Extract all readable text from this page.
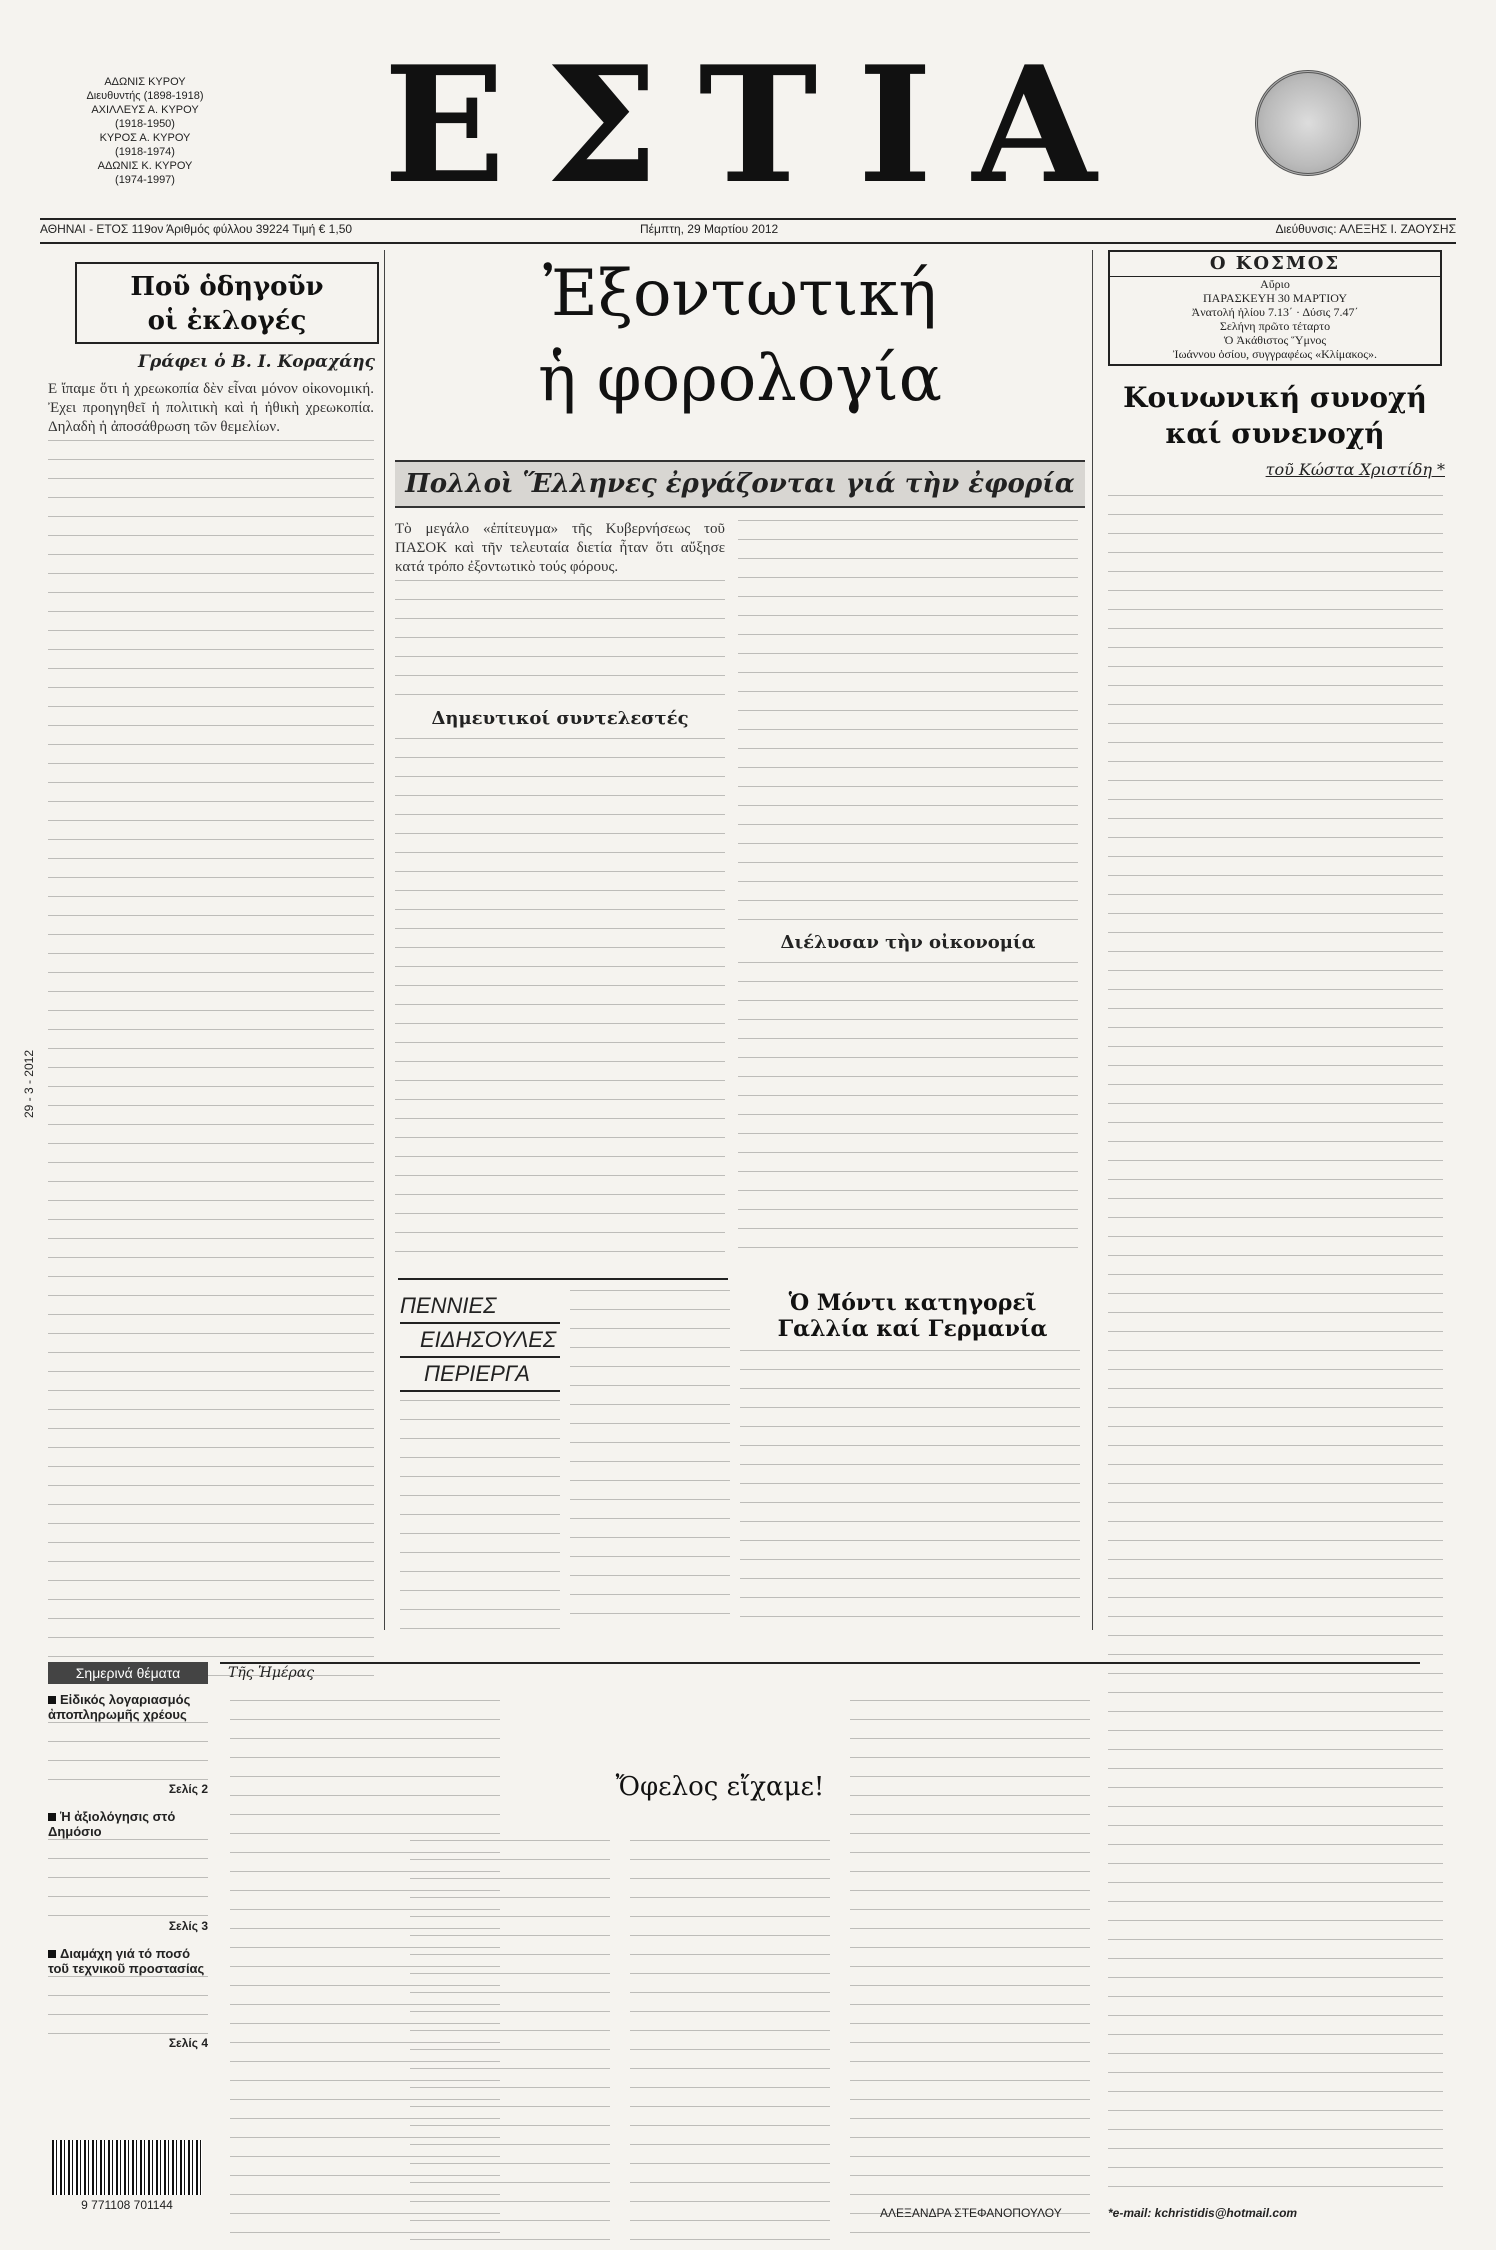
ΑΔΩΝΙΣ ΚΥΡΟΥ
Διευθυντής (1898-1918)
ΑΧΙΛΛΕΥΣ Α. ΚΥΡΟΥ
(1918-1950)
ΚΥΡΟΣ Α. ΚΥΡΟΥ
(1918-1974)
ΑΔΩΝΙΣ Κ. ΚΥΡΟΥ
(1974-1997) ΕΣΤΙΑ
ΑΘΗΝΑΙ - ΕΤΟΣ 119ον Άριθμός φύλλου 39224 Τιμή € 1,50	Πέμπτη, 29 Μαρτίου 2012	Διεύθυνσις: ΑΛΕΞΗΣ Ι. ΖΑΟΥΣΗΣ
Ποῦ ὁδηγοῦν
οἱ ἐκλογές
Γράφει ὁ Β. Ι. Κοραχάης
Ε ἴπαμε ὅτι ἡ χρεωκοπία δὲν εἶναι μόνον οἰκονομική. Ἐχει προηγηθεῖ ἡ πολιτικὴ καὶ ἡ ἠθικὴ χρεωκοπία. Δηλαδὴ ἡ ἀποσάθρωση τῶν θεμελίων.
29 - 3 - 2012
Ἐξοντωτική
ἡ φορολογία
Πολλοὶ Ἕλληνες ἐργάζονται γιά τὴν ἐφορία
Τὸ μεγάλο «ἐπίτευγμα» τῆς Κυβερνήσεως τοῦ ΠΑΣΟΚ καὶ τῆν τελευταία διετία ἦταν ὅτι αὔξησε κατά τρόπο ἐξοντωτικὸ τούς φόρους.
Δημευτικοί συντελεστές
Διέλυσαν τὴν οἰκονομία
Ο ΚΟΣΜΟΣ
Αὔριο
ΠΑΡΑΣΚΕΥΗ 30 ΜΑΡΤΙΟΥ
Ἀνατολή ἡλίου 7.13΄ · Δύσις 7.47΄
Σελήνη πρῶτο τέταρτο
Ὁ Ἀκάθιστος Ὕμνος
Ἰωάννου ὁσίου, συγγραφέως «Κλίμακος».
Κοινωνική συνοχή
καί συνενοχή
τοῦ Κώστα Χριστίδη *
*e-mail: kchristidis@hotmail.com
ΠΕΝΝΙΕΣ
ΕΙΔΗΣΟΥΛΕΣ
ΠΕΡΙΕΡΓΑ
Ὁ Μόντι κατηγορεῖ
Γαλλία καί Γερμανία
Τῆς Ἡμέρας
Ὄφελος εἴχαμε!
ΑΛΕΞΑΝΔΡΑ ΣΤΕΦΑΝΟΠΟΥΛΟΥ
Σημερινά θέματα
Εἰδικός λογαριασμός ἀποπληρωμῆς χρέους
Σελίς 2
Ἡ ἀξιολόγησις στό Δημόσιο
Σελίς 3
Διαμάχη γιά τό ποσό τοῦ τεχνικοῦ προστασίας
Σελίς 4
9 771108 701144
